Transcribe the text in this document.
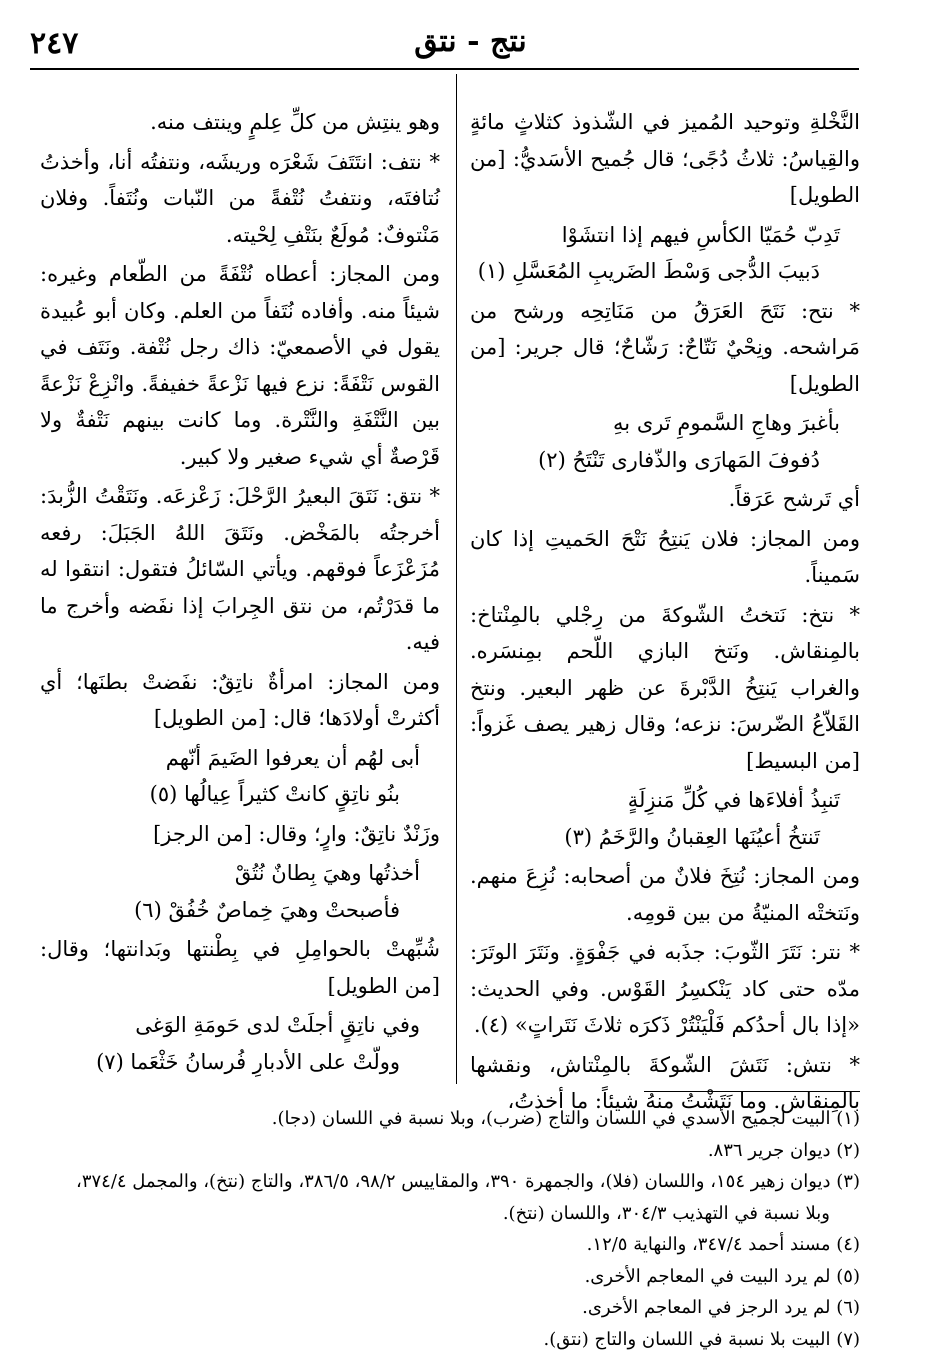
٢٤٧	نتج - نتق

النَّخْلةِ وتوحيد المُميز في الشّذوذ كثلاثٍ مائةٍ والقِياسُ: ثلاثُ دُجًى؛ قال جُميح الأسَديُّ: [من الطويل]

تَدِبّ حُمَيّا الكأسِ فيهم إذا انتشَوْا
دَبيبَ الدُّجى وَسْطَ الضَريبِ المُعَسَّلِ (١)

* نتح: نَتَحَ العَرَقُ من مَنَاتِحِه ورشح من مَراشحه. ونِحْيٌ نَتّاحٌ: رَشّاحٌ؛ قال جرير: [من الطويل]

بأغبرَ وهاجِ السَّمومِ تَرى بهِ
دُفوفَ المَهارَى والذّفارى تَنْتَحُ (٢)

أي تَرشح عَرَقاً.

ومن المجاز: فلان يَنتِحُ نَتْحَ الحَميتِ إذا كان سَميناً.

* نتخ: نَتختُ الشّوكةَ من رِجْلي بالمِنْتاخ: بالمِنقاش. ونَتخ البازي اللّحم بمِنسَره. والغراب يَنتِخُ الدَّبْرةَ عن ظهر البعير. ونتخ القَلاّعُ الضّرسَ: نزعه؛ وقال زهير يصف غَزواً: [من البسيط]

تَنبِذُ أفلاءَها في كُلِّ مَنزِلَةٍ
تَنتخُ أعيُنَها العِقبانُ والرَّخَمُ (٣)

ومن المجاز: نُتِخَ فلانٌ من أصحابه: نُزِعَ منهم. ونَتختْه المنيّةُ من بين قومِه.

* نتر: نَتَرَ الثّوبَ: جذَبه في جَفْوَةٍ. ونَتَرَ الوتَرَ: مدّه حتى كاد يَنْكسِرُ القَوْس. وفي الحديث: «إذا بال أحدُكم فَلْيَنْتُرْ ذَكرَه ثلاثَ نَتَراتٍ» (٤).

* نتش: نَتَشَ الشّوكةَ بالمِنْتاش، ونقشها بالمِنقاش. وما نَتَشْتُ منهُ شيئاً: ما أخذتُ،

وهو ينتِش من كلِّ عِلمٍ وينتف منه.

* نتف: انتَتَفَ شَعْرَه وريشَه، ونتفتُه أنا، وأخذتُ نُتافتَه، ونتفتُ نُتْفةً من النّبات ونُتَفاً. وفلان مَنْتوفٌ: مُولَعٌ بنَتْفِ لِحْيته.

ومن المجاز: أعطاه نُتْفَةً من الطّعام وغيره: شيئاً منه. وأفاده نُتَفاً من العلم. وكان أبو عُبيدة يقول في الأصمعيّ: ذاك رجل نُتْفة. ونَتَف في القوس نَتْفَةً: نزع فيها نَزْعةً خفيفةً. وانْزِعْ نَزْعةً بين النَّتْفَةِ والنَّتْرة. وما كانت بينهم نَتْفةٌ ولا قَرْصةٌ أي شيء صغير ولا كبير.

* نتق: نَتَقَ البعيرُ الرَّحْلَ: زَعْزعَه. ونَتَقْتُ الزُّبدَ: أخرجتُه بالمَخْض. ونَتَقَ اللهُ الجَبَلَ: رفعه مُزَعْزَعاً فوقهم. ويأتي السّائلُ فتقول: انتقوا له ما قدَرْتُم، من نتق الجِرابَ إذا نفَضه وأخرج ما فيه.

ومن المجاز: امرأةٌ ناتِقٌ: نفَضتْ بطنَها؛ أي أكثرتْ أولادَها؛ قال: [من الطويل]

أبى لهُم أن يعرفوا الضَيمَ أنّهم
بنُو ناتِقٍ كانتْ كثيراً عِيالُها (٥)

وزَنْدٌ ناتِقٌ: وارٍ؛ وقال: [من الرجز]

أخذتُها وهيَ بِطانٌ نُتُقْ
فأصبحتْ وهيَ خِماصٌ خُفُقْ (٦)

شُبِّهتْ بالحوامِلِ في بِطْنتها وبَدانتها؛ وقال: [من الطويل]

وفي ناتِقٍ أجلَتْ لدى حَومَةِ الوَغى
وولّتْ على الأدبارِ فُرسانُ خَثْعَما (٧)
(١) البيت لجميح الأسدي في اللسان والتاج (ضرب)، وبلا نسبة في اللسان (دجا).
(٢) ديوان جرير ٨٣٦.
(٣) ديوان زهير ١٥٤، واللسان (فلا)، والجمهرة ٣٩٠، والمقاييس ٩٨/٢، ٣٨٦/٥، والتاج (نتخ)، والمجمل ٣٧٤/٤،
وبلا نسبة في التهذيب ٣٠٤/٣، واللسان (نتخ).
(٤) مسند أحمد ٣٤٧/٤، والنهاية ١٢/٥.
(٥) لم يرد البيت في المعاجم الأخرى.
(٦) لم يرد الرجز في المعاجم الأخرى.
(٧) البيت بلا نسبة في اللسان والتاج (نتق).
